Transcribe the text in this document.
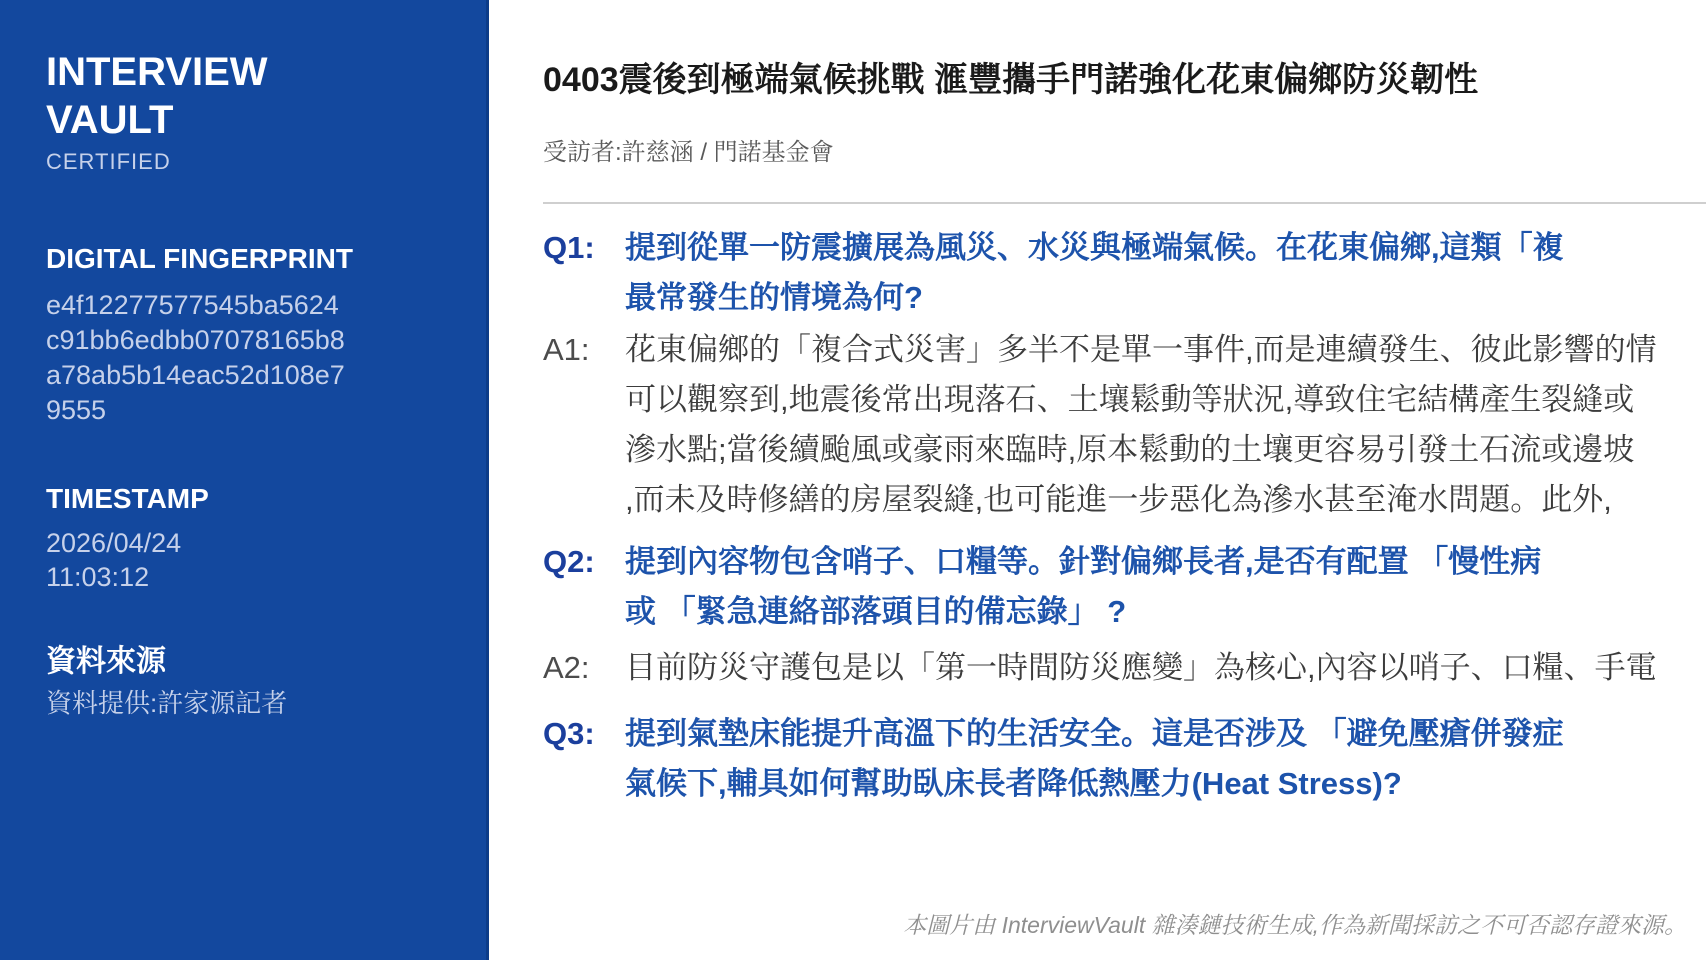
INTERVIEW
VAULT
CERTIFIED
DIGITAL FINGERPRINT
e4f12277577545ba5624
c91bb6edbb07078165b8
a78ab5b14eac52d108e7
9555
TIMESTAMP
2026/04/24
11:03:12
資料來源
資料提供:許家源記者
0403震後到極端氣候挑戰 滙豐攜手門諾強化花東偏鄉防災韌性
受訪者:許慈涵 / 門諾基金會
Q1: 提到從單一防震擴展為風災、水災與極端氣候。在花東偏鄉,這類「複
最常發生的情境為何?
A1:	花東偏鄉的「複合式災害」多半不是單一事件,而是連續發生、彼此影響的情
可以觀察到,地震後常出現落石、土壤鬆動等狀況,導致住宅結構產生裂縫或
滲水點;當後續颱風或豪雨來臨時,原本鬆動的土壤更容易引發土石流或邊坡
,而未及時修繕的房屋裂縫,也可能進一步惡化為滲水甚至淹水問題。此外,
Q2: 提到內容物包含哨子、口糧等。針對偏鄉長者,是否有配置 「慢性病
或 「緊急連絡部落頭目的備忘錄」 ?
A2:	目前防災守護包是以「第一時間防災應變」為核心,內容以哨子、口糧、手電
Q3: 提到氣墊床能提升高溫下的生活安全。這是否涉及 「避免壓瘡併發症
氣候下,輔具如何幫助臥床長者降低熱壓力(Heat Stress)?
本圖片由 InterviewVault 雜湊鏈技術生成,作為新聞採訪之不可否認存證來源。
